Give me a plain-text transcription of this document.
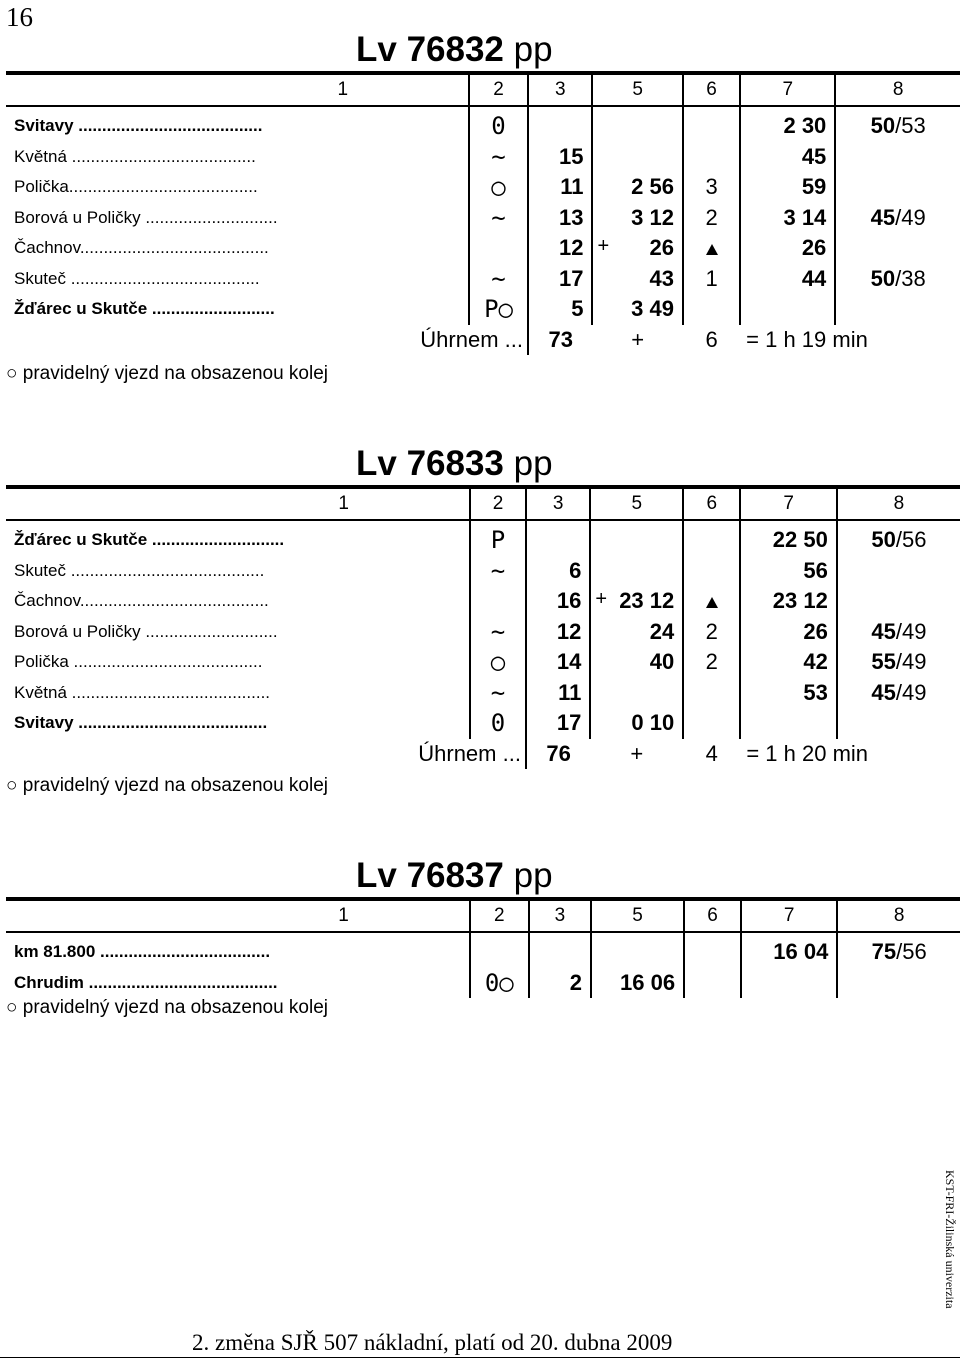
16
Lv 76832 pp
1	2	3	5	6	7	8
Svitavy .......................................	0				2 30	50/53
Květná .......................................	~	15			45	
Polička........................................	○	11	2 56	3	59	
Borová u Poličky ............................	~	13	3 12	2	3 14	45/49
Čachnov........................................		12	+ 26		26	
Skuteč ........................................	~	17	43	1	44	50/38
Žďárec u Skutče ..........................	P○	5	3 49			
Úhrnem ...		73	+	6	= 1 h 19 min	
○ pravidelný vjezd na obsazenou kolej
Lv 76833 pp
1	2	3	5	6	7	8
Žďárec u Skutče ............................	P				22 50	50/56
Skuteč .........................................	~	6			56	
Čachnov........................................		16	+ 23 12		23 12	
Borová u Poličky ............................	~	12	24	2	26	45/49
Polička ........................................	○	14	40	2	42	55/49
Květná ..........................................	~	11			53	45/49
Svitavy ........................................	0	17	0 10			
Úhrnem ...		76	+	4	= 1 h 20 min	
○ pravidelný vjezd na obsazenou kolej
Lv 76837 pp
1	2	3	5	6	7	8
km 81.800 ....................................					16 04	75/56
Chrudim ........................................	0○	2	16 06			
○ pravidelný vjezd na obsazenou kolej
KST-FRI-Žilinská univerzita
2. změna SJŘ 507 nákladní, platí od 20. dubna 2009
